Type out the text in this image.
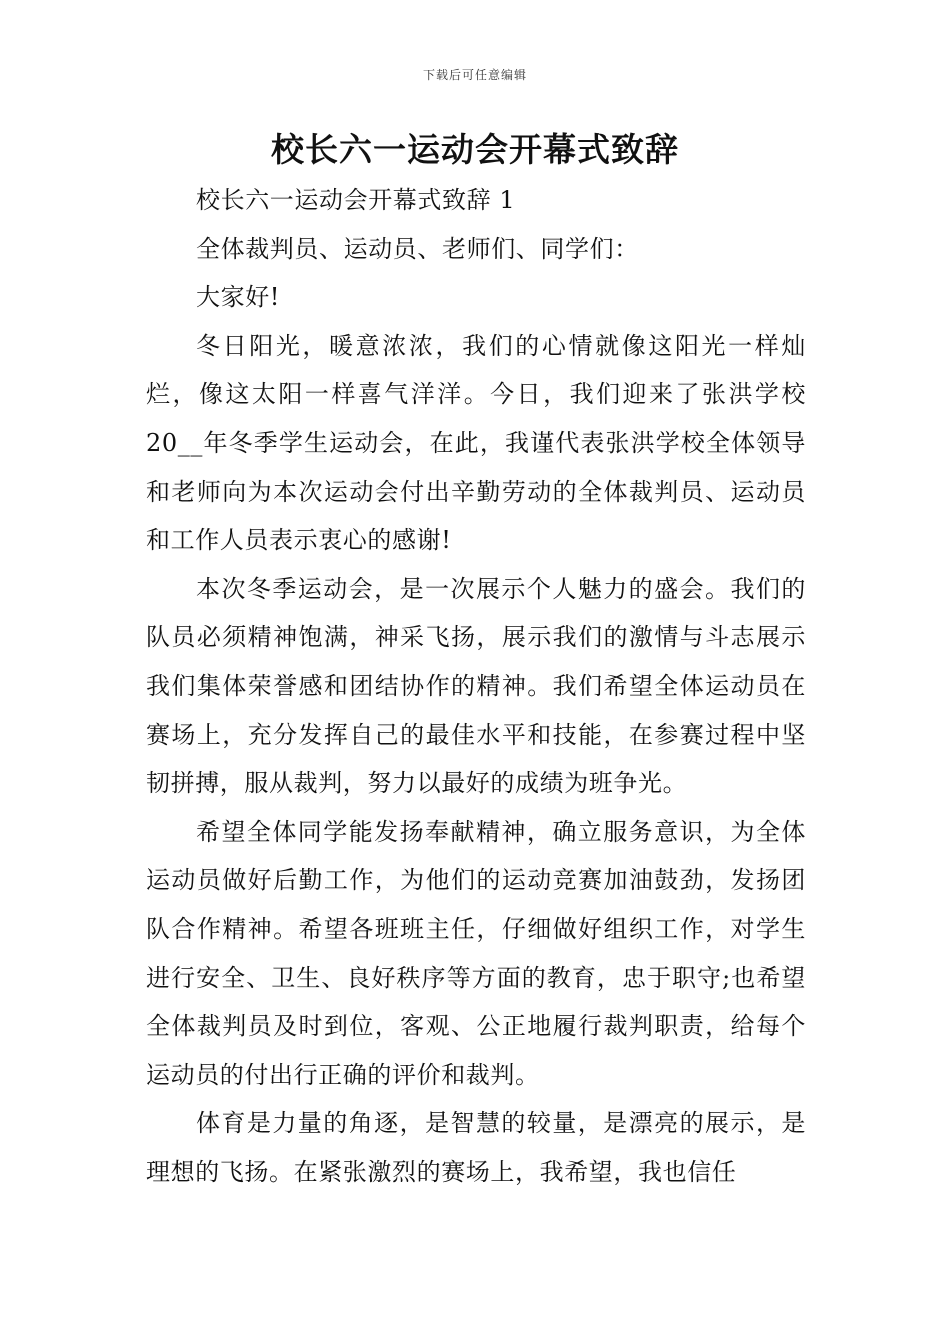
下载后可任意编辑
校长六一运动会开幕式致辞

校长六一运动会开幕式致辞 1

全体裁判员、运动员、老师们、同学们：

大家好!

冬日阳光，暖意浓浓，我们的心情就像这阳光一样灿烂，像这太阳一样喜气洋洋。今日，我们迎来了张洪学校20__年冬季学生运动会，在此，我谨代表张洪学校全体领导和老师向为本次运动会付出辛勤劳动的全体裁判员、运动员和工作人员表示衷心的感谢!

本次冬季运动会，是一次展示个人魅力的盛会。我们的队员必须精神饱满，神采飞扬，展示我们的激情与斗志展示我们集体荣誉感和团结协作的精神。我们希望全体运动员在赛场上，充分发挥自己的最佳水平和技能，在参赛过程中坚韧拼搏，服从裁判，努力以最好的成绩为班争光。

希望全体同学能发扬奉献精神，确立服务意识，为全体运动员做好后勤工作，为他们的运动竞赛加油鼓劲，发扬团队合作精神。希望各班班主任，仔细做好组织工作，对学生进行安全、卫生、良好秩序等方面的教育，忠于职守;也希望全体裁判员及时到位，客观、公正地履行裁判职责，给每个运动员的付出行正确的评价和裁判。

体育是力量的角逐，是智慧的较量，是漂亮的展示，是理想的飞扬。在紧张激烈的赛场上，我希望，我也信任
